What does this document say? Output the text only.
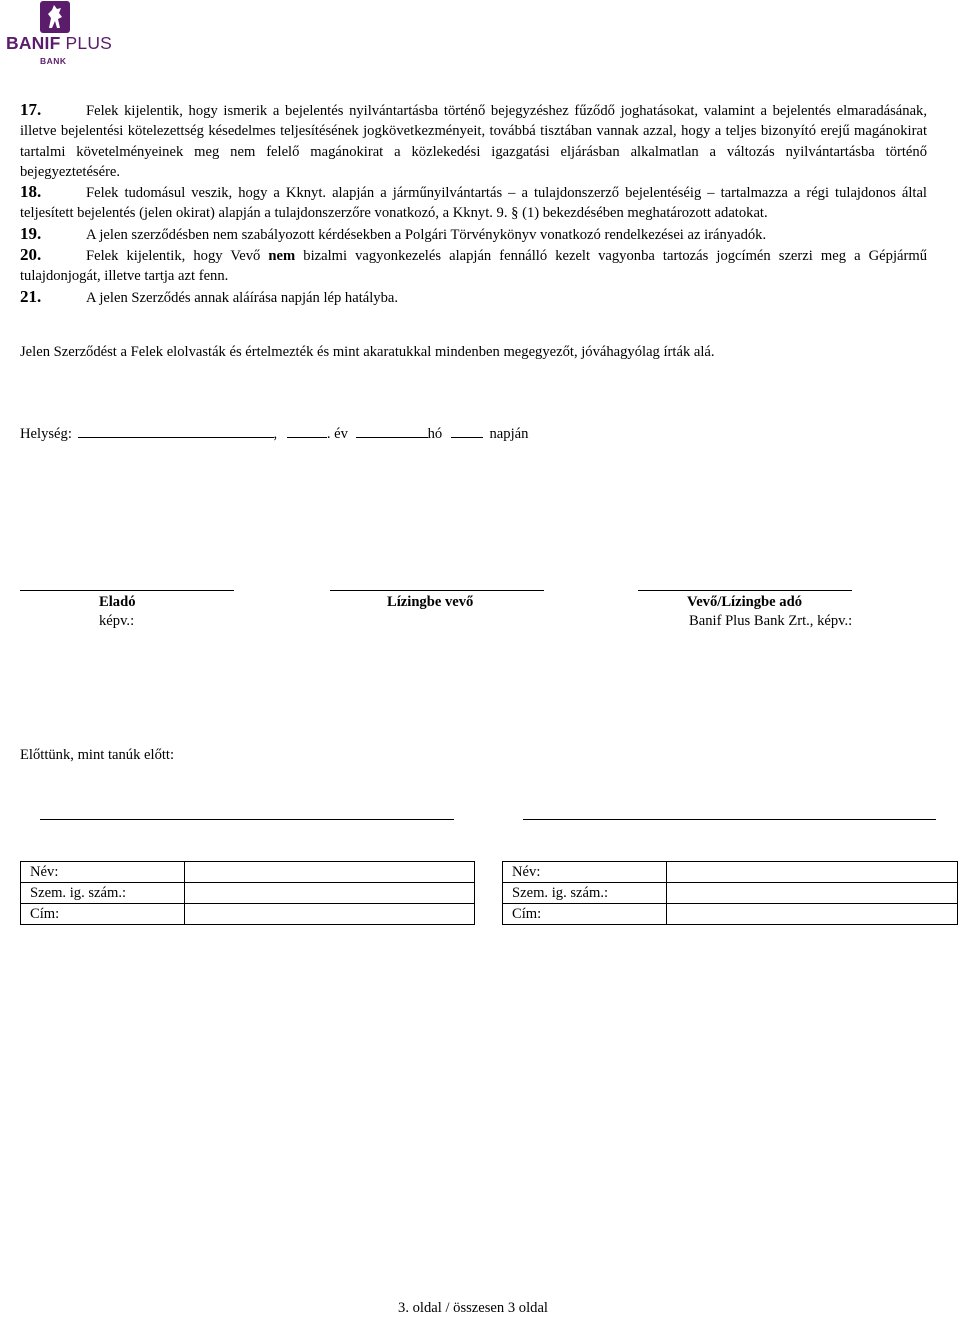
BANIF PLUS
BANK

17.	Felek kijelentik, hogy ismerik a bejelentés nyilvántartásba történő bejegyzéshez fűződő joghatásokat, valamint a bejelentés elmaradásának, illetve bejelentési kötelezettség késedelmes teljesítésének jogkövetkezményeit, továbbá tisztában vannak azzal, hogy a teljes bizonyító erejű magánokirat tartalmi követelményeinek meg nem felelő magánokirat a közlekedési igazgatási eljárásban alkalmatlan a változás nyilvántartásba történő bejegyeztetésére.

18.	Felek tudomásul veszik, hogy a Kknyt. alapján a járműnyilvántartás – a tulajdonszerző bejelentéséig – tartalmazza a régi tulajdonos által teljesített bejelentés (jelen okirat) alapján a tulajdonszerzőre vonatkozó, a Kknyt. 9. § (1) bekezdésében meghatározott adatokat.

19.	A jelen szerződésben nem szabályozott kérdésekben a Polgári Törvénykönyv vonatkozó rendelkezései az irányadók.

20.	Felek kijelentik, hogy Vevő nem bizalmi vagyonkezelés alapján fennálló kezelt vagyonba tartozás jogcímén szerzi meg a Gépjármű tulajdonjogát, illetve tartja azt fenn.

21.	A jelen Szerződés annak aláírása napján lép hatályba.

Jelen Szerződést a Felek elolvasták és értelmezték és mint akaratukkal mindenben megegyezőt, jóváhagyólag írták alá.
Helység:	,	. év	hó	napján
Eladó	Lízingbe vevő	Vevő/Lízingbe adó
képv.:	Banif Plus Bank Zrt., képv.:
Előttünk, mint tanúk előtt:
Név:	
Szem. ig. szám.:	
Cím:	
Név:	
Szem. ig. szám.:	
Cím:	
3. oldal / összesen 3 oldal
